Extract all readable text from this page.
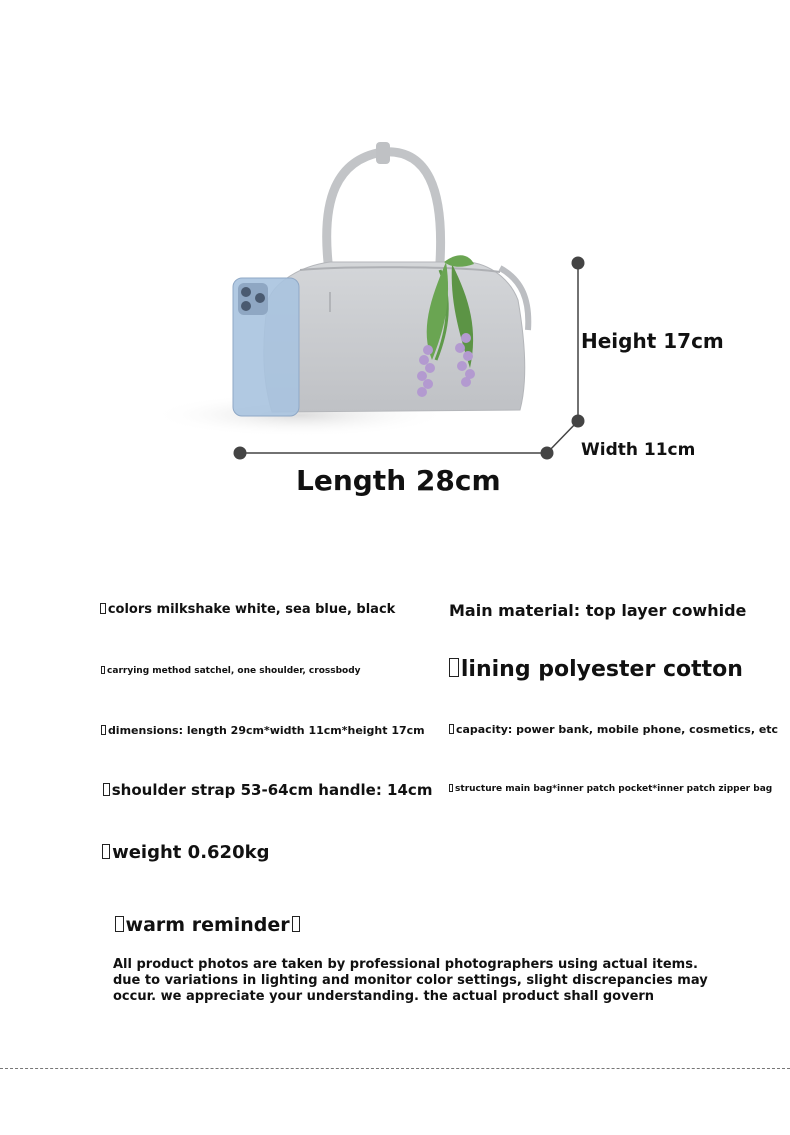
Height 17cm
Width 11cm
Length 28cm
colors milkshake white, sea blue, black	Main material: top layer cowhide
carrying method satchel, one shoulder, crossbody	lining polyester cotton
dimensions: length 29cm*width 11cm*height 17cm	capacity: power bank, mobile phone, cosmetics, etc
shoulder strap 53-64cm handle: 14cm	structure main bag*inner patch pocket*inner patch zipper bag
weight 0.620kg
warm reminder
All product photos are taken by professional photographers using actual items.
due to variations in lighting and monitor color settings, slight discrepancies may
occur. we appreciate your understanding. the actual product shall govern
